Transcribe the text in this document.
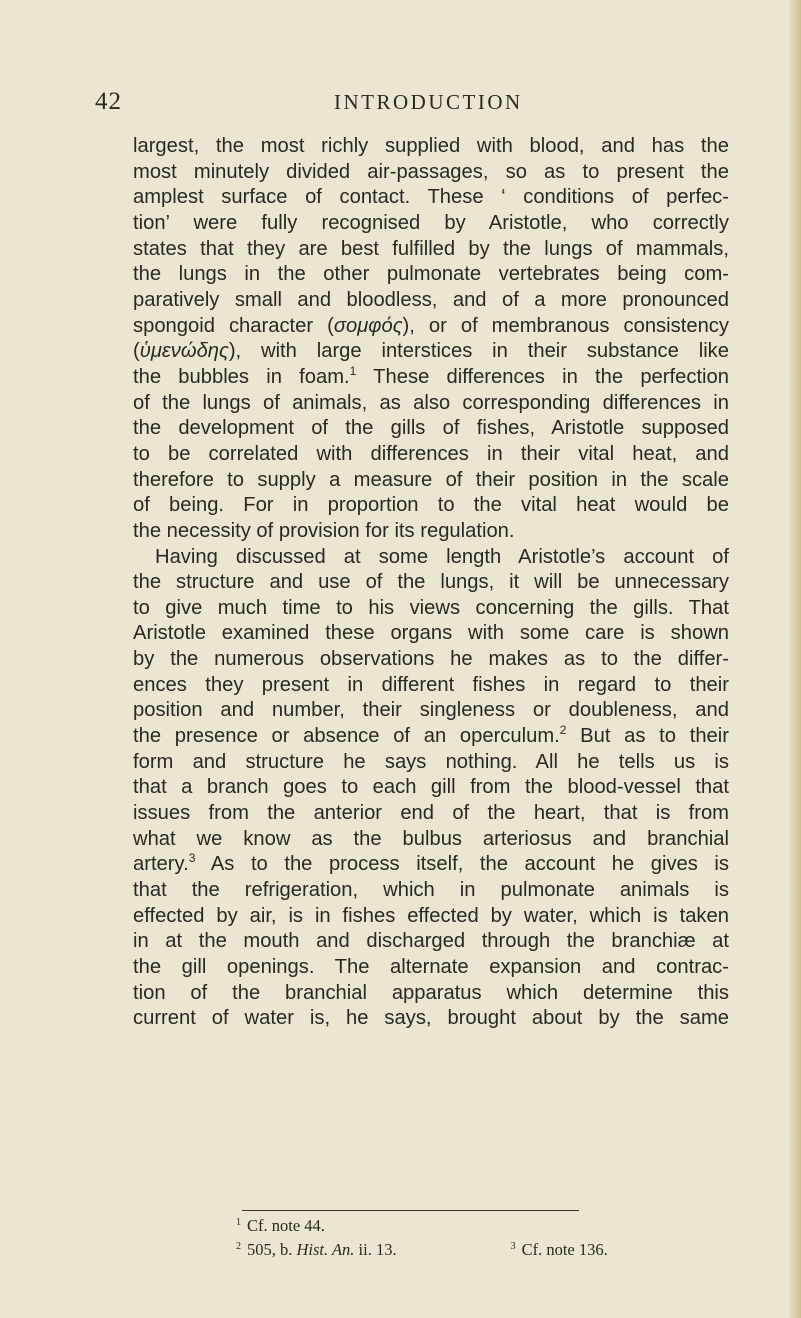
42	INTRODUCTION
largest, the most richly supplied with blood, and has the
most minutely divided air-passages, so as to present the
amplest surface of contact. These ‘ conditions of perfec-
tion’ were fully recognised by Aristotle, who correctly
states that they are best fulfilled by the lungs of mammals,
the lungs in the other pulmonate vertebrates being com-
paratively small and bloodless, and of a more pronounced
spongoid character (σομφός), or of membranous consistency
(ὑμενώδης), with large interstices in their substance like
the bubbles in foam.$^1$ These differences in the perfection
of the lungs of animals, as also corresponding differences in
the development of the gills of fishes, Aristotle supposed
to be correlated with differences in their vital heat, and
therefore to supply a measure of their position in the scale
of being. For in proportion to the vital heat would be
the necessity of provision for its regulation.
Having discussed at some length Aristotle’s account of
the structure and use of the lungs, it will be unnecessary
to give much time to his views concerning the gills. That
Aristotle examined these organs with some care is shown
by the numerous observations he makes as to the differ-
ences they present in different fishes in regard to their
position and number, their singleness or doubleness, and
the presence or absence of an operculum.$^2$ But as to their
form and structure he says nothing. All he tells us is
that a branch goes to each gill from the blood-vessel that
issues from the anterior end of the heart, that is from
what we know as the bulbus arteriosus and branchial
artery.$^3$ As to the process itself, the account he gives is
that the refrigeration, which in pulmonate animals is
effected by air, is in fishes effected by water, which is taken
in at the mouth and discharged through the branchiæ at
the gill openings. The alternate expansion and contrac-
tion of the branchial apparatus which determine this
current of water is, he says, brought about by the same
$^1$ Cf. note 44.
$^2$ 505, b. Hist. An. ii. 13.	$^3$ Cf. note 136.
